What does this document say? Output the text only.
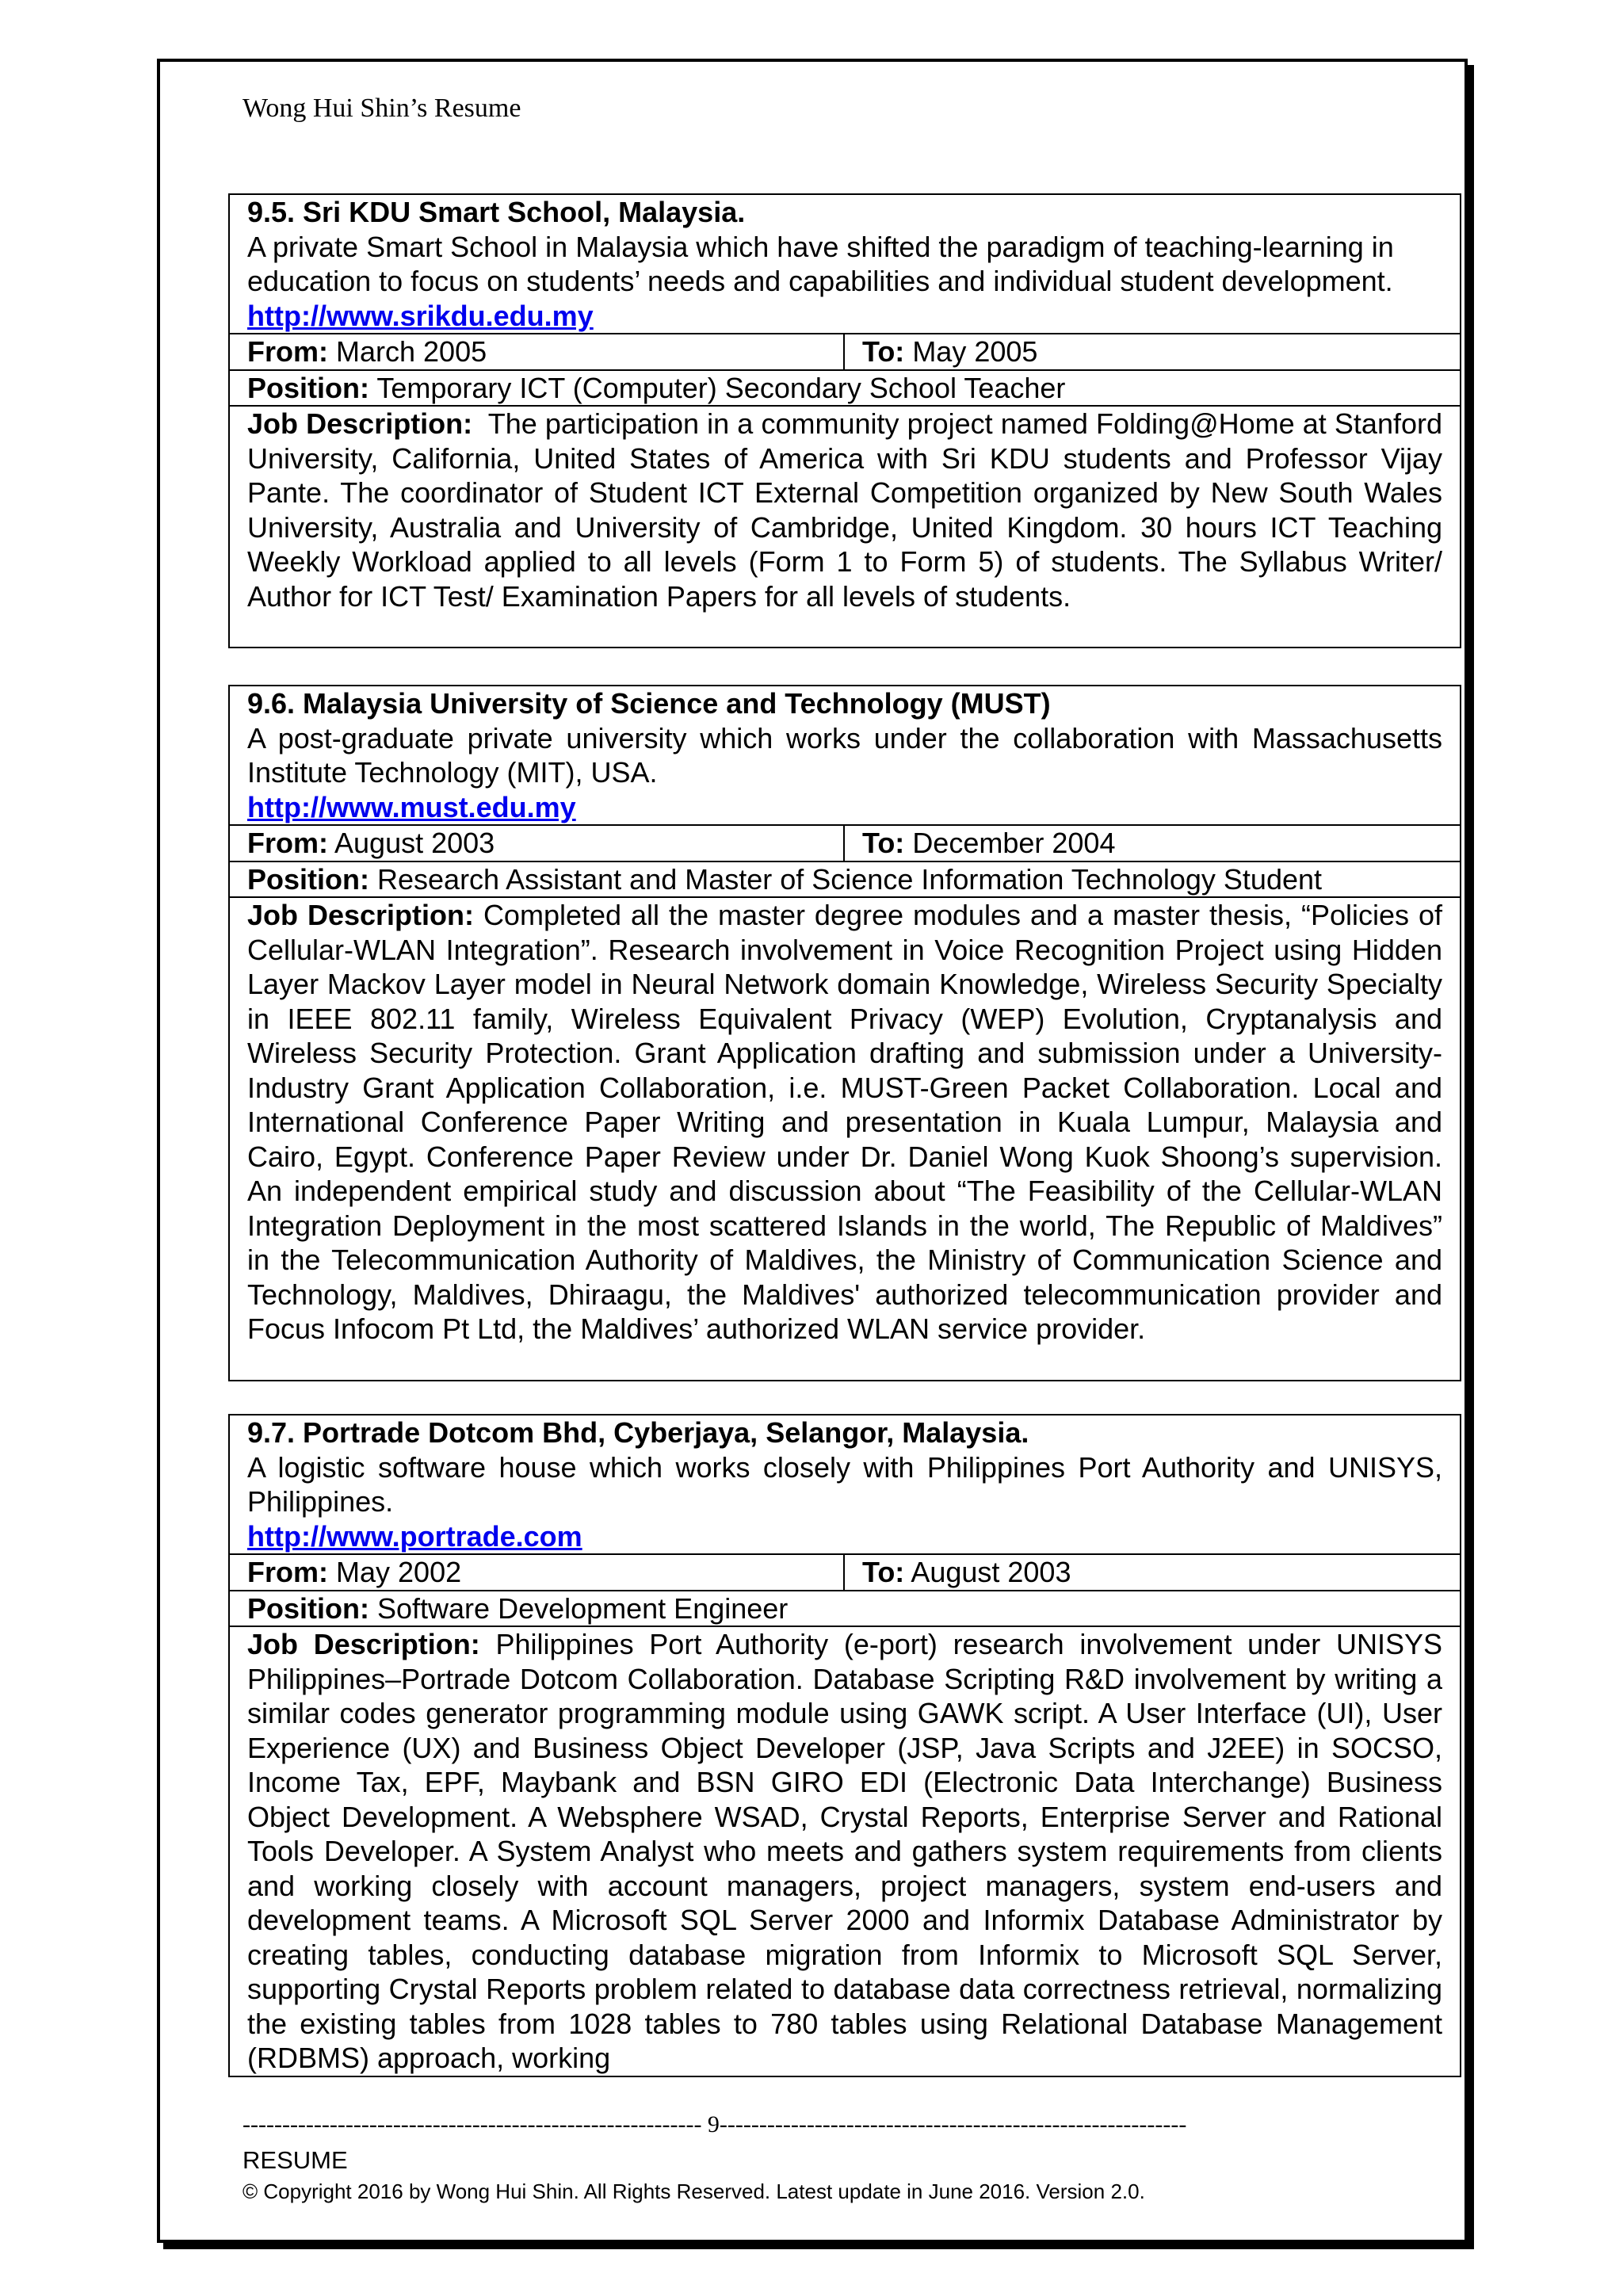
Wong Hui Shin’s Resume
9.5. Sri KDU Smart School, Malaysia.
A private Smart School in Malaysia which have shifted the paradigm of teaching-learning in education to focus on students’ needs and capabilities and individual student development.
http://www.srikdu.edu.my
From: March 2005	To: May 2005
Position: Temporary ICT (Computer) Secondary School Teacher
Job Description: The participation in a community project named Folding@Home at Stanford University, California, United States of America with Sri KDU students and Professor Vijay Pante. The coordinator of Student ICT External Competition organized by New South Wales University, Australia and University of Cambridge, United Kingdom. 30 hours ICT Teaching Weekly Workload applied to all levels (Form 1 to Form 5) of students. The Syllabus Writer/ Author for ICT Test/ Examination Papers for all levels of students.
9.6. Malaysia University of Science and Technology (MUST)
A post-graduate private university which works under the collaboration with Massachusetts Institute Technology (MIT), USA.
http://www.must.edu.my
From: August 2003	To: December 2004
Position: Research Assistant and Master of Science Information Technology Student
Job Description: Completed all the master degree modules and a master thesis, “Policies of Cellular-WLAN Integration”. Research involvement in Voice Recognition Project using Hidden Layer Mackov Layer model in Neural Network domain Knowledge, Wireless Security Specialty in IEEE 802.11 family, Wireless Equivalent Privacy (WEP) Evolution, Cryptanalysis and Wireless Security Protection. Grant Application drafting and submission under a University-Industry Grant Application Collaboration, i.e. MUST-Green Packet Collaboration. Local and International Conference Paper Writing and presentation in Kuala Lumpur, Malaysia and Cairo, Egypt. Conference Paper Review under Dr. Daniel Wong Kuok Shoong’s supervision. An independent empirical study and discussion about “The Feasibility of the Cellular-WLAN Integration Deployment in the most scattered Islands in the world, The Republic of Maldives” in the Telecommunication Authority of Maldives, the Ministry of Communication Science and Technology, Maldives, Dhiraagu, the Maldives' authorized telecommunication provider and Focus Infocom Pt Ltd, the Maldives’ authorized WLAN service provider.
9.7. Portrade Dotcom Bhd, Cyberjaya, Selangor, Malaysia.
A logistic software house which works closely with Philippines Port Authority and UNISYS, Philippines.
http://www.portrade.com
From: May 2002	To: August 2003
Position: Software Development Engineer
Job Description: Philippines Port Authority (e-port) research involvement under UNISYS Philippines–Portrade Dotcom Collaboration. Database Scripting R&D involvement by writing a similar codes generator programming module using GAWK script. A User Interface (UI), User Experience (UX) and Business Object Developer (JSP, Java Scripts and J2EE) in SOCSO, Income Tax, EPF, Maybank and BSN GIRO EDI (Electronic Data Interchange) Business Object Development. A Websphere WSAD, Crystal Reports, Enterprise Server and Rational Tools Developer. A System Analyst who meets and gathers system requirements from clients and working closely with account managers, project managers, system end-users and development teams. A Microsoft SQL Server 2000 and Informix Database Administrator by creating tables, conducting database migration from Informix to Microsoft SQL Server, supporting Crystal Reports problem related to database data correctness retrieval, normalizing the existing tables from 1028 tables to 780 tables using Relational Database Management (RDBMS) approach, working
---------------------------------------------------------- 9-----------------------------------------------------------
RESUME
© Copyright 2016 by Wong Hui Shin. All Rights Reserved. Latest update in June 2016. Version 2.0.
